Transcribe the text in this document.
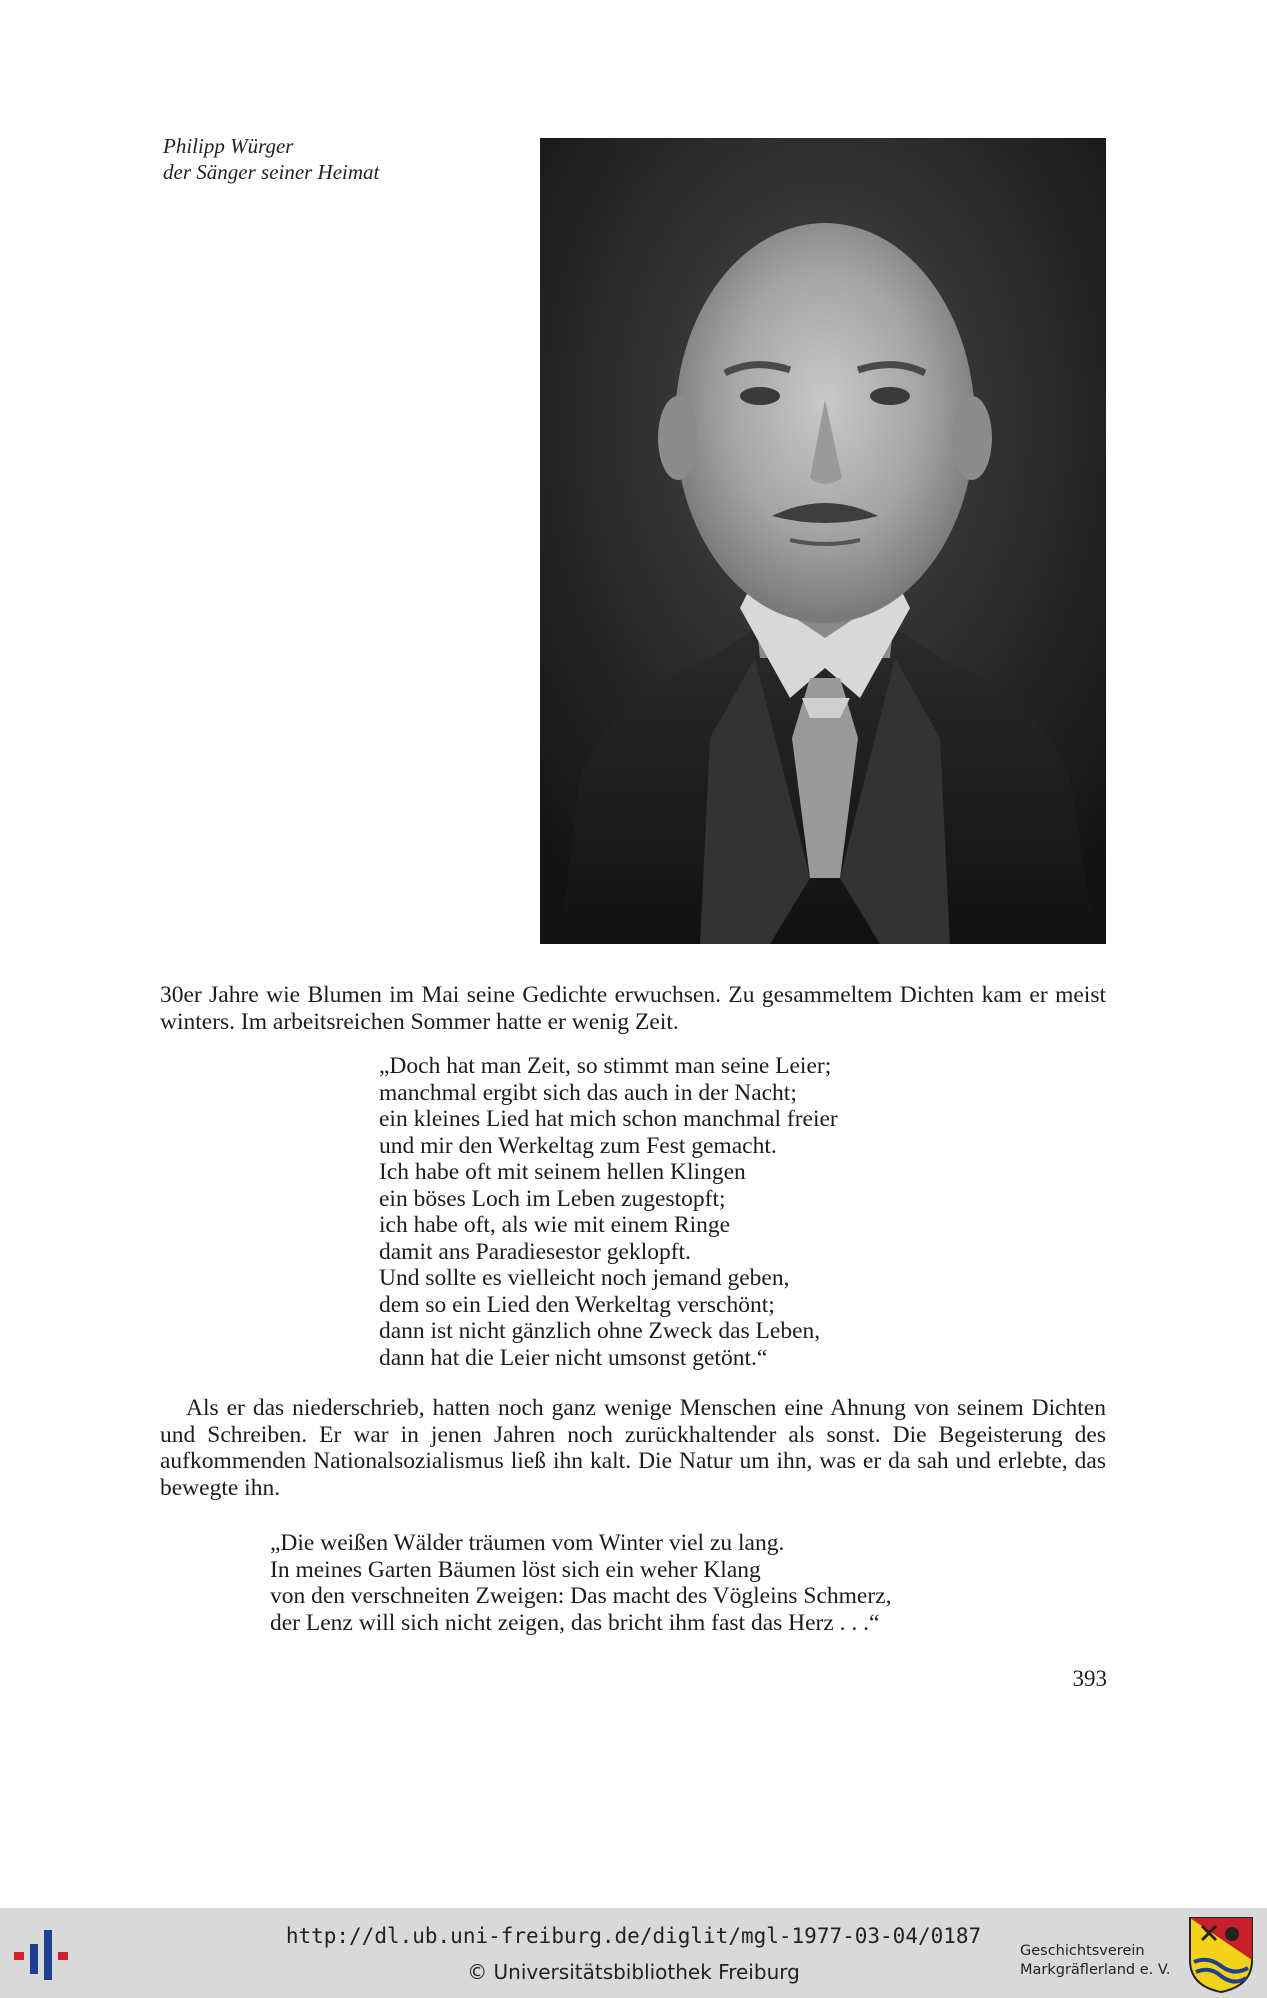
Philipp Würger
der Sänger seiner Heimat

30er Jahre wie Blumen im Mai seine Gedichte erwuchsen. Zu gesammeltem Dichten kam er meist winters. Im arbeitsreichen Sommer hatte er wenig Zeit.

„Doch hat man Zeit, so stimmt man seine Leier;
manchmal ergibt sich das auch in der Nacht;
ein kleines Lied hat mich schon manchmal freier
und mir den Werkeltag zum Fest gemacht.
Ich habe oft mit seinem hellen Klingen
ein böses Loch im Leben zugestopft;
ich habe oft, als wie mit einem Ringe
damit ans Paradiesestor geklopft.
Und sollte es vielleicht noch jemand geben,
dem so ein Lied den Werkeltag verschönt;
dann ist nicht gänzlich ohne Zweck das Leben,
dann hat die Leier nicht umsonst getönt.“

Als er das niederschrieb, hatten noch ganz wenige Menschen eine Ahnung von seinem Dichten und Schreiben. Er war in jenen Jahren noch zurückhaltender als sonst. Die Begeisterung des aufkommenden Nationalsozialismus ließ ihn kalt. Die Natur um ihn, was er da sah und erlebte, das bewegte ihn.

„Die weißen Wälder träumen vom Winter viel zu lang.
In meines Garten Bäumen löst sich ein weher Klang
von den verschneiten Zweigen: Das macht des Vögleins Schmerz,
der Lenz will sich nicht zeigen, das bricht ihm fast das Herz . . .“
393
http://dl.ub.uni-freiburg.de/diglit/mgl-1977-03-04/0187
© Universitätsbibliothek Freiburg
Geschichtsverein
Markgräflerland e. V.
